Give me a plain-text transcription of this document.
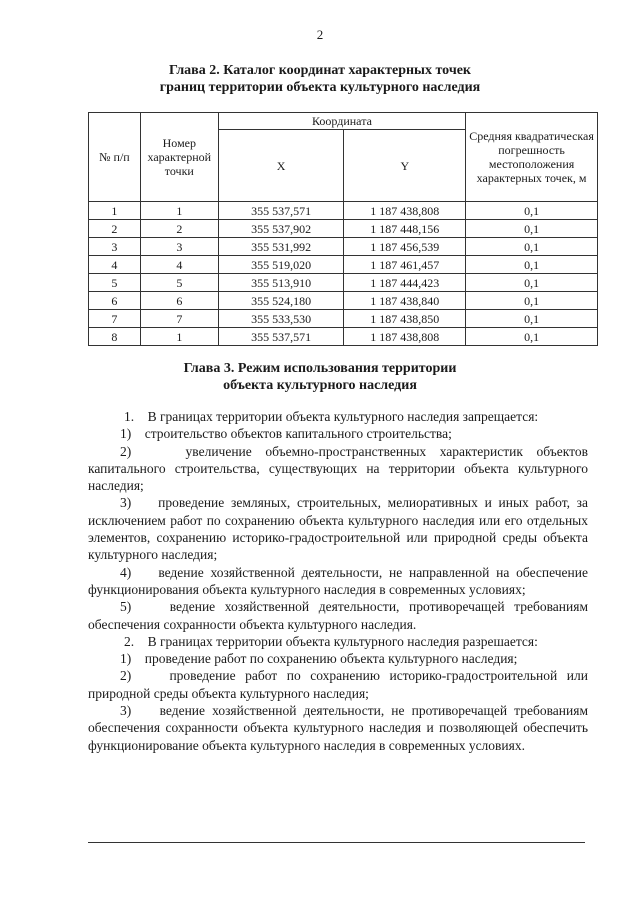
2
Глава 2. Каталог координат характерных точек
границ территории объекта культурного наследия
№ п/п	Номер характерной точки	Координата		Средняя квадратическая погрешность местоположения характерных точек, м
		X	Y	
1	1	355 537,571	1 187 438,808	0,1
2	2	355 537,902	1 187 448,156	0,1
3	3	355 531,992	1 187 456,539	0,1
4	4	355 519,020	1 187 461,457	0,1
5	5	355 513,910	1 187 444,423	0,1
6	6	355 524,180	1 187 438,840	0,1
7	7	355 533,530	1 187 438,850	0,1
8	1	355 537,571	1 187 438,808	0,1
Глава 3. Режим использования территории
объекта культурного наследия

1.    В границах территории объекта культурного наследия запрещается:

1)    строительство объектов капитального строительства;

2)    увеличение объемно-пространственных характеристик объектов капитального строительства, существующих на территории объекта культурного наследия;

3)    проведение земляных, строительных, мелиоративных и иных работ, за исключением работ по сохранению объекта культурного наследия или его отдельных элементов, сохранению историко-градостроительной или природной среды объекта культурного наследия;

4)    ведение хозяйственной деятельности, не направленной на обеспечение функционирования объекта культурного наследия в современных условиях;

5)    ведение хозяйственной деятельности, противоречащей требованиям обеспечения сохранности объекта культурного наследия.

2.    В границах территории объекта культурного наследия разрешается:

1)    проведение работ по сохранению объекта культурного наследия;

2)    проведение работ по сохранению историко-градостроительной или природной среды объекта культурного наследия;

3)    ведение хозяйственной деятельности, не противоречащей требованиям обеспечения сохранности объекта культурного наследия и позволяющей обеспечить функционирование объекта культурного наследия в современных условиях.
